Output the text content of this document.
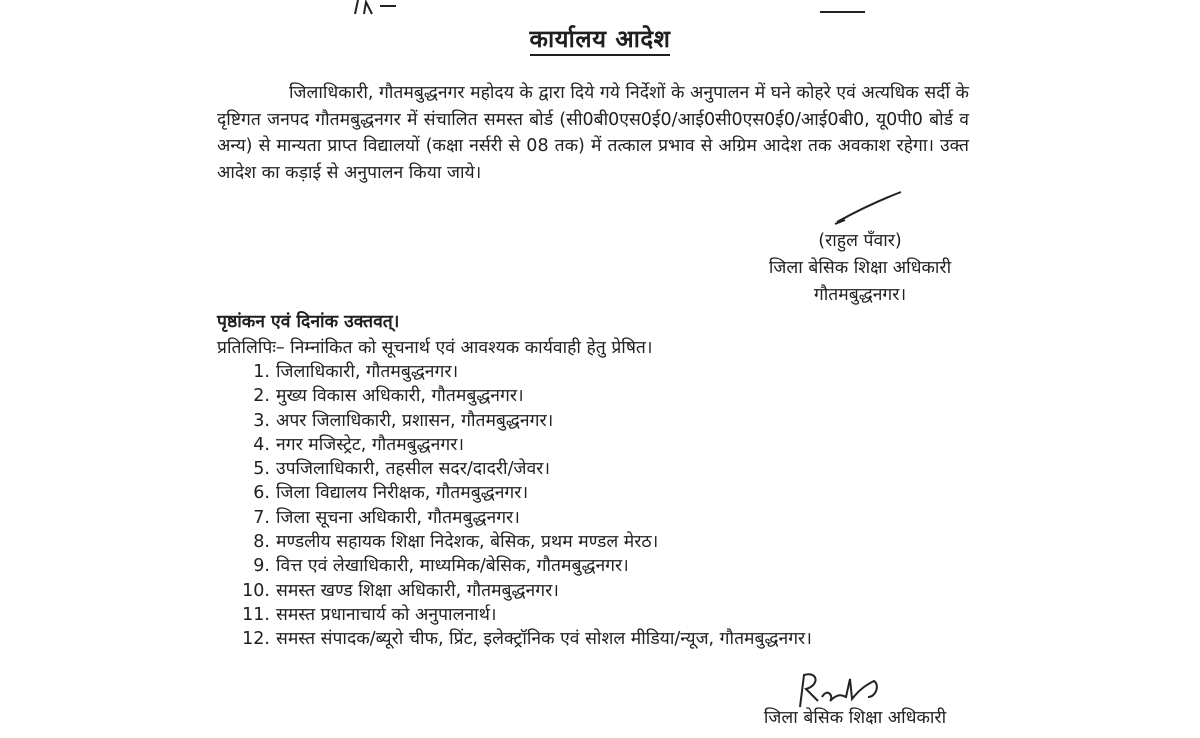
कार्यालय आदेश
जिलाधिकारी, गौतमबुद्धनगर महोदय के द्वारा दिये गये निर्देशों के अनुपालन में घने कोहरे एवं अत्यधिक सर्दी के दृष्टिगत जनपद गौतमबुद्धनगर में संचालित समस्त बोर्ड (सी0बी0एस0ई0/आई0सी0एस0ई0/आई0बी0, यू0पी0 बोर्ड व अन्य) से मान्यता प्राप्त विद्यालयों (कक्षा नर्सरी से 08 तक) में तत्काल प्रभाव से अग्रिम आदेश तक अवकाश रहेगा। उक्त आदेश का कड़ाई से अनुपालन किया जाये।
(राहुल पँवार)
जिला बेसिक शिक्षा अधिकारी
गौतमबुद्धनगर।
पृष्ठांकन एवं दिनांक उक्तवत्।
प्रतिलिपिः– निम्नांकित को सूचनार्थ एवं आवश्यक कार्यवाही हेतु प्रेषित।
1. जिलाधिकारी, गौतमबुद्धनगर।
2. मुख्य विकास अधिकारी, गौतमबुद्धनगर।
3. अपर जिलाधिकारी, प्रशासन, गौतमबुद्धनगर।
4. नगर मजिस्ट्रेट, गौतमबुद्धनगर।
5. उपजिलाधिकारी, तहसील सदर/दादरी/जेवर।
6. जिला विद्यालय निरीक्षक, गौतमबुद्धनगर।
7. जिला सूचना अधिकारी, गौतमबुद्धनगर।
8. मण्डलीय सहायक शिक्षा निदेशक, बेसिक, प्रथम मण्डल मेरठ।
9. वित्त एवं लेखाधिकारी, माध्यमिक/बेसिक, गौतमबुद्धनगर।
10. समस्त खण्ड शिक्षा अधिकारी, गौतमबुद्धनगर।
11. समस्त प्रधानाचार्य को अनुपालनार्थ।
12. समस्त संपादक/ब्यूरो चीफ, प्रिंट, इलेक्ट्रॉनिक एवं सोशल मीडिया/न्यूज, गौतमबुद्धनगर।
जिला बेसिक शिक्षा अधिकारी
